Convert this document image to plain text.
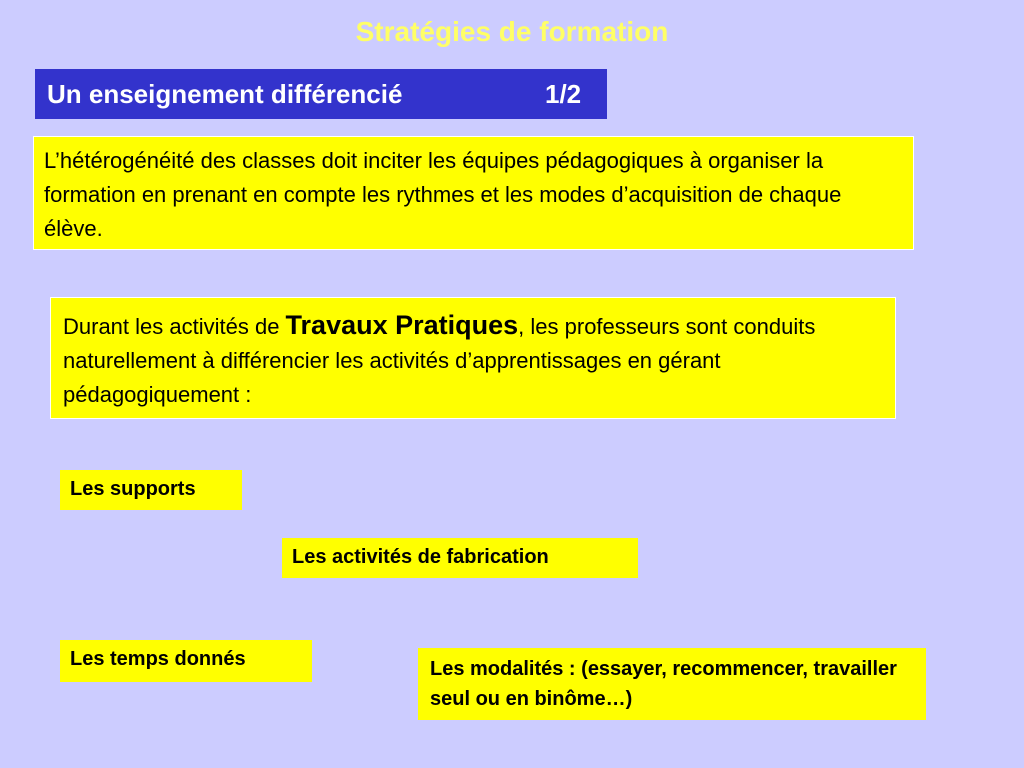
Stratégies de formation
Un enseignement différencié	1/2
L’hétérogénéité des classes doit inciter les équipes pédagogiques à organiser la formation en prenant en compte les rythmes et les modes d’acquisition de chaque élève.
Durant les activités de Travaux Pratiques, les professeurs sont conduits naturellement à différencier les activités d’apprentissages en gérant pédagogiquement :
Les supports
Les activités de fabrication
Les temps donnés	Les modalités : (essayer, recommencer, travailler seul ou en binôme…)
